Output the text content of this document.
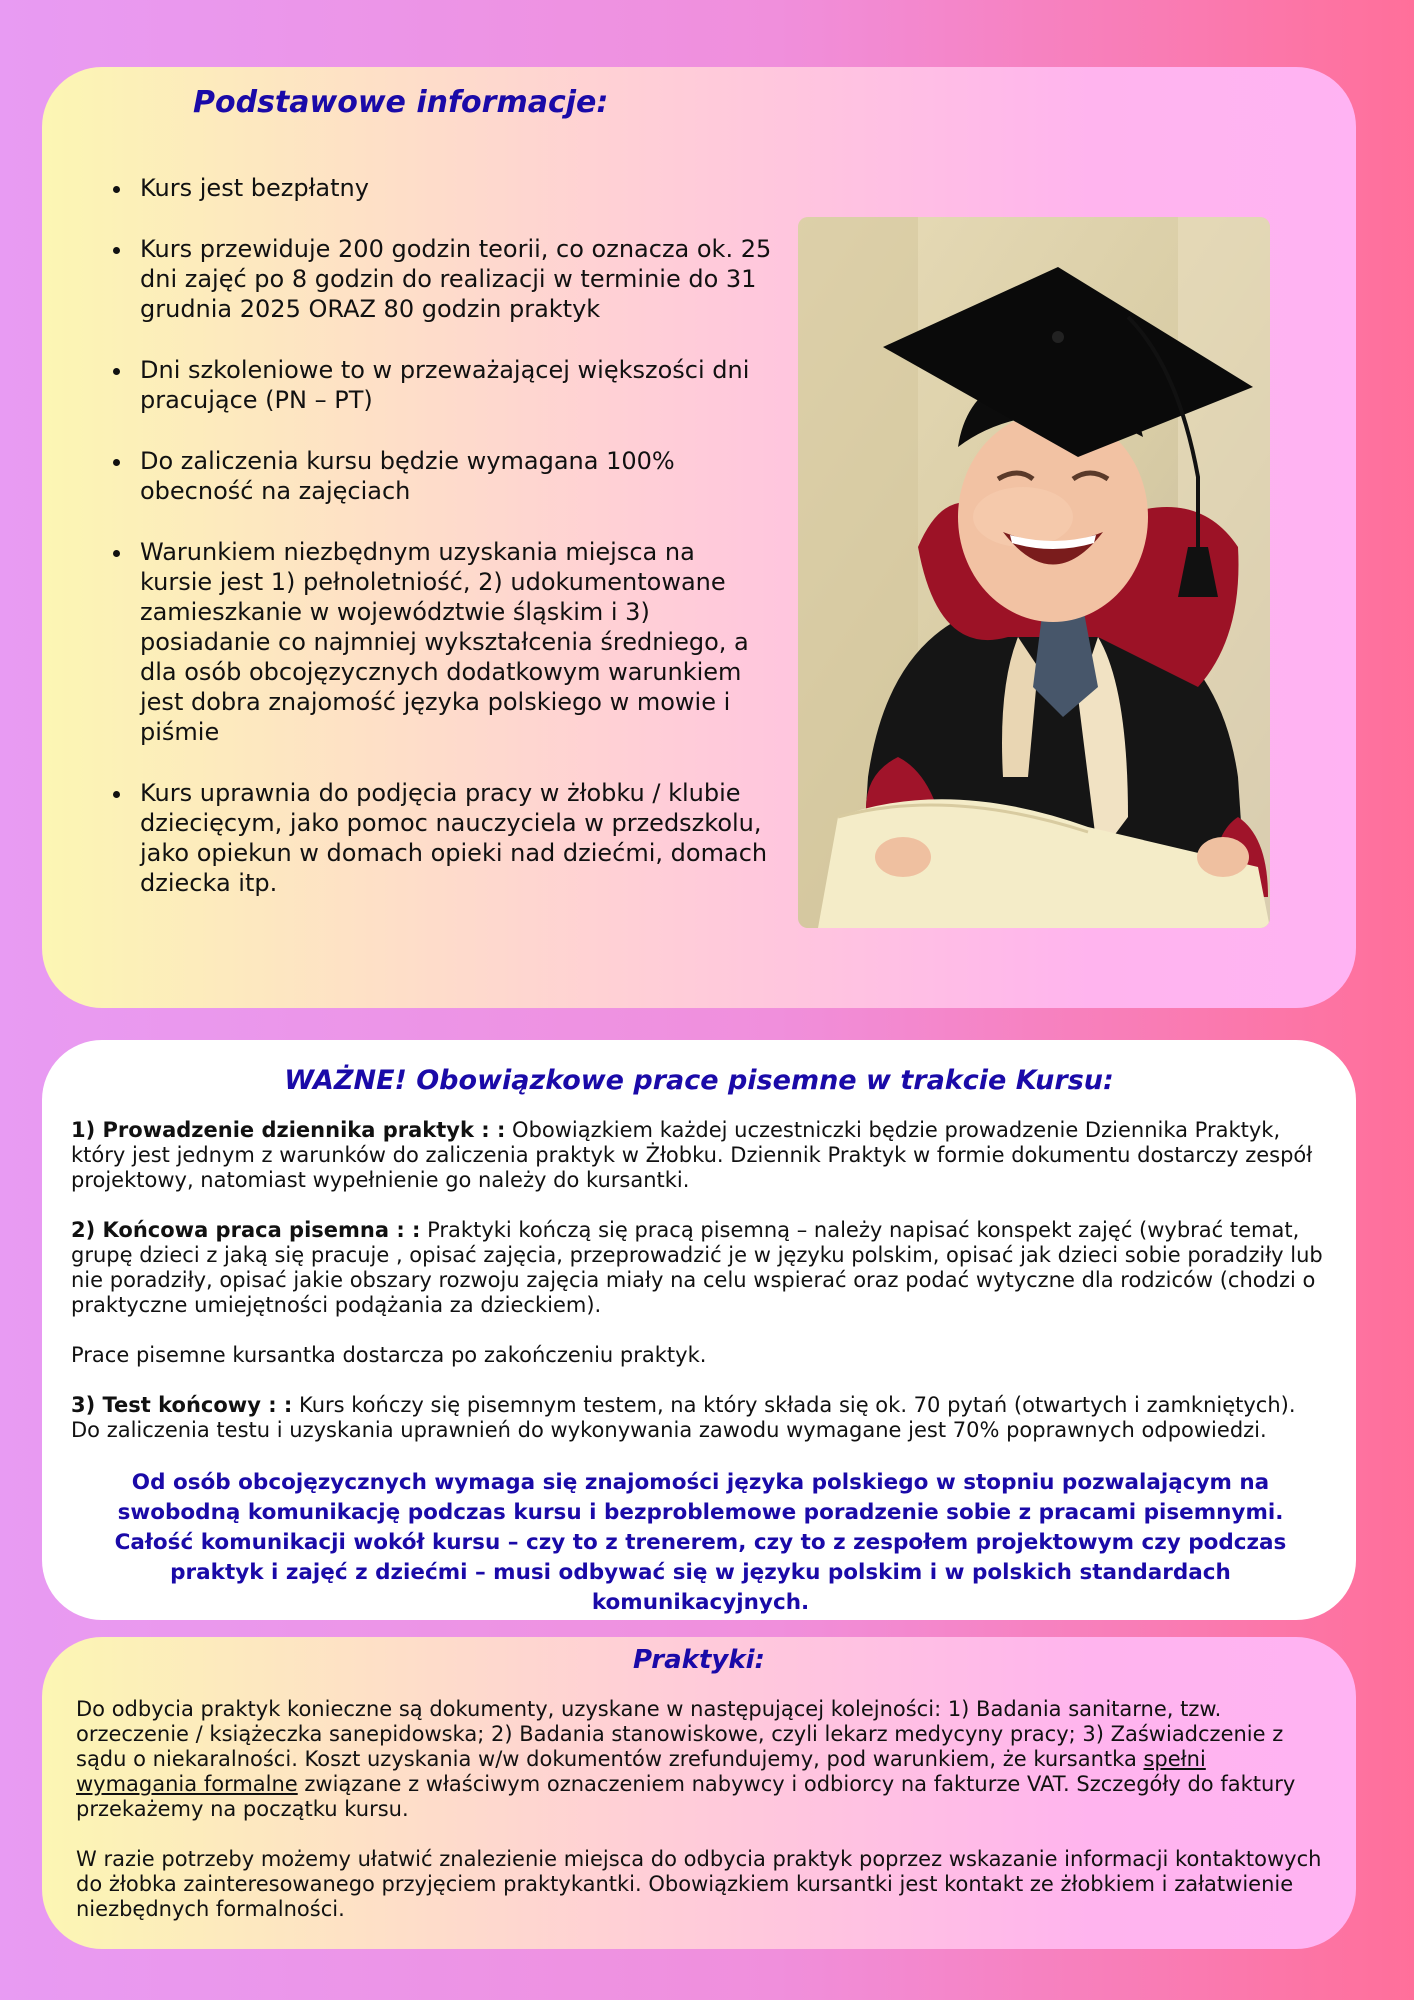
Podstawowe informacje:
• Kurs jest bezpłatny
• Kurs przewiduje 200 godzin teorii, co oznacza ok. 25 dni zajęć po 8 godzin do realizacji w terminie do 31 grudnia 2025 ORAZ 80 godzin praktyk
• Dni szkoleniowe to w przeważającej większości dni pracujące (PN – PT)
• Do zaliczenia kursu będzie wymagana 100% obecność na zajęciach
• Warunkiem niezbędnym uzyskania miejsca na kursie jest 1) pełnoletniość, 2) udokumentowane zamieszkanie w województwie śląskim i 3) posiadanie co najmniej wykształcenia średniego, a dla osób obcojęzycznych dodatkowym warunkiem jest dobra znajomość języka polskiego w mowie i piśmie
• Kurs uprawnia do podjęcia pracy w żłobku / klubie dziecięcym, jako pomoc nauczyciela w przedszkolu, jako opiekun w domach opieki nad dziećmi, domach dziecka itp.
WAŻNE! Obowiązkowe prace pisemne w trakcie Kursu:

1) Prowadzenie dziennika praktyk : : Obowiązkiem każdej uczestniczki będzie prowadzenie Dziennika Praktyk, który jest jednym z warunków do zaliczenia praktyk w Żłobku. Dziennik Praktyk w formie dokumentu dostarczy zespół projektowy, natomiast wypełnienie go należy do kursantki.

2) Końcowa praca pisemna : : Praktyki kończą się pracą pisemną – należy napisać konspekt zajęć (wybrać temat, grupę dzieci z jaką się pracuje , opisać zajęcia, przeprowadzić je w języku polskim, opisać jak dzieci sobie poradziły lub nie poradziły, opisać jakie obszary rozwoju zajęcia miały na celu wspierać oraz podać wytyczne dla rodziców (chodzi o praktyczne umiejętności podążania za dzieckiem).

Prace pisemne kursantka dostarcza po zakończeniu praktyk.

3) Test końcowy : : Kurs kończy się pisemnym testem, na który składa się ok. 70 pytań (otwartych i zamkniętych). Do zaliczenia testu i uzyskania uprawnień do wykonywania zawodu wymagane jest 70% poprawnych odpowiedzi.

Od osób obcojęzycznych wymaga się znajomości języka polskiego w stopniu pozwalającym na swobodną komunikację podczas kursu i bezproblemowe poradzenie sobie z pracami pisemnymi. Całość komunikacji wokół kursu – czy to z trenerem, czy to z zespołem projektowym czy podczas praktyk i zajęć z dziećmi – musi odbywać się w języku polskim i w polskich standardach komunikacyjnych.

Praktyki:

Do odbycia praktyk konieczne są dokumenty, uzyskane w następującej kolejności: 1) Badania sanitarne, tzw. orzeczenie / książeczka sanepidowska; 2) Badania stanowiskowe, czyli lekarz medycyny pracy; 3) Zaświadczenie z sądu o niekaralności. Koszt uzyskania w/w dokumentów zrefundujemy, pod warunkiem, że kursantka spełni wymagania formalne związane z właściwym oznaczeniem nabywcy i odbiorcy na fakturze VAT. Szczegóły do faktury przekażemy na początku kursu.

W razie potrzeby możemy ułatwić znalezienie miejsca do odbycia praktyk poprzez wskazanie informacji kontaktowych do żłobka zainteresowanego przyjęciem praktykantki. Obowiązkiem kursantki jest kontakt ze żłobkiem i załatwienie niezbędnych formalności.
